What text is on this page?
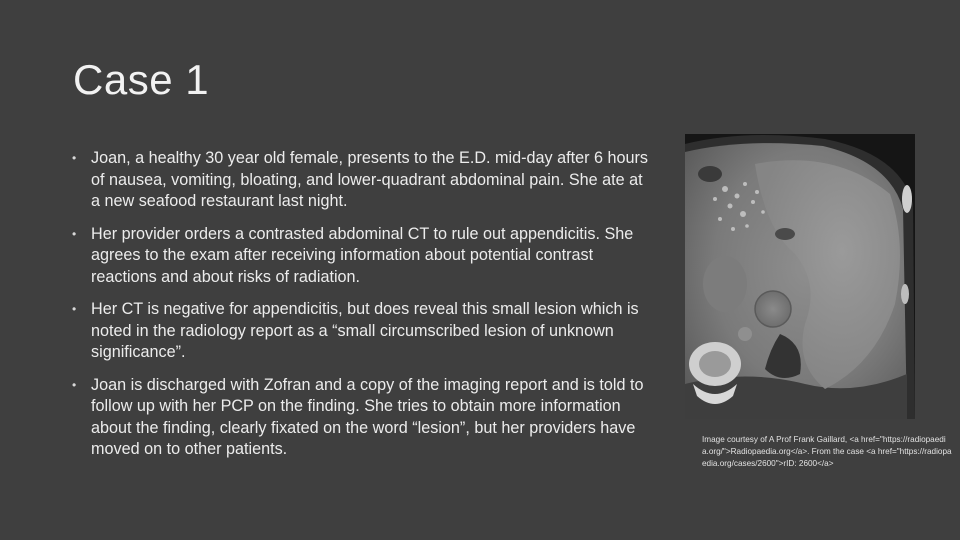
Case 1
• Joan, a healthy 30 year old female, presents to the E.D. mid-day after 6 hours of nausea, vomiting, bloating, and lower-quadrant abdominal pain. She ate at a new seafood restaurant last night.
• Her provider orders a contrasted abdominal CT to rule out appendicitis. She agrees to the exam after receiving information about potential contrast reactions and about risks of radiation.
• Her CT is negative for appendicitis, but does reveal this small lesion which is noted in the radiology report as a “small circumscribed lesion of unknown significance”.
• Joan is discharged with Zofran and a copy of the imaging report and is told to follow up with her PCP on the finding. She tries to obtain more information about the finding, clearly fixated on the word “lesion”, but her providers have moved on to other patients.
Image courtesy of A Prof Frank Gaillard, <a href="https://radiopaedia.org/">Radiopaedia.org</a>. From the case <a href="https://radiopaedia.org/cases/2600">rID: 2600</a>
